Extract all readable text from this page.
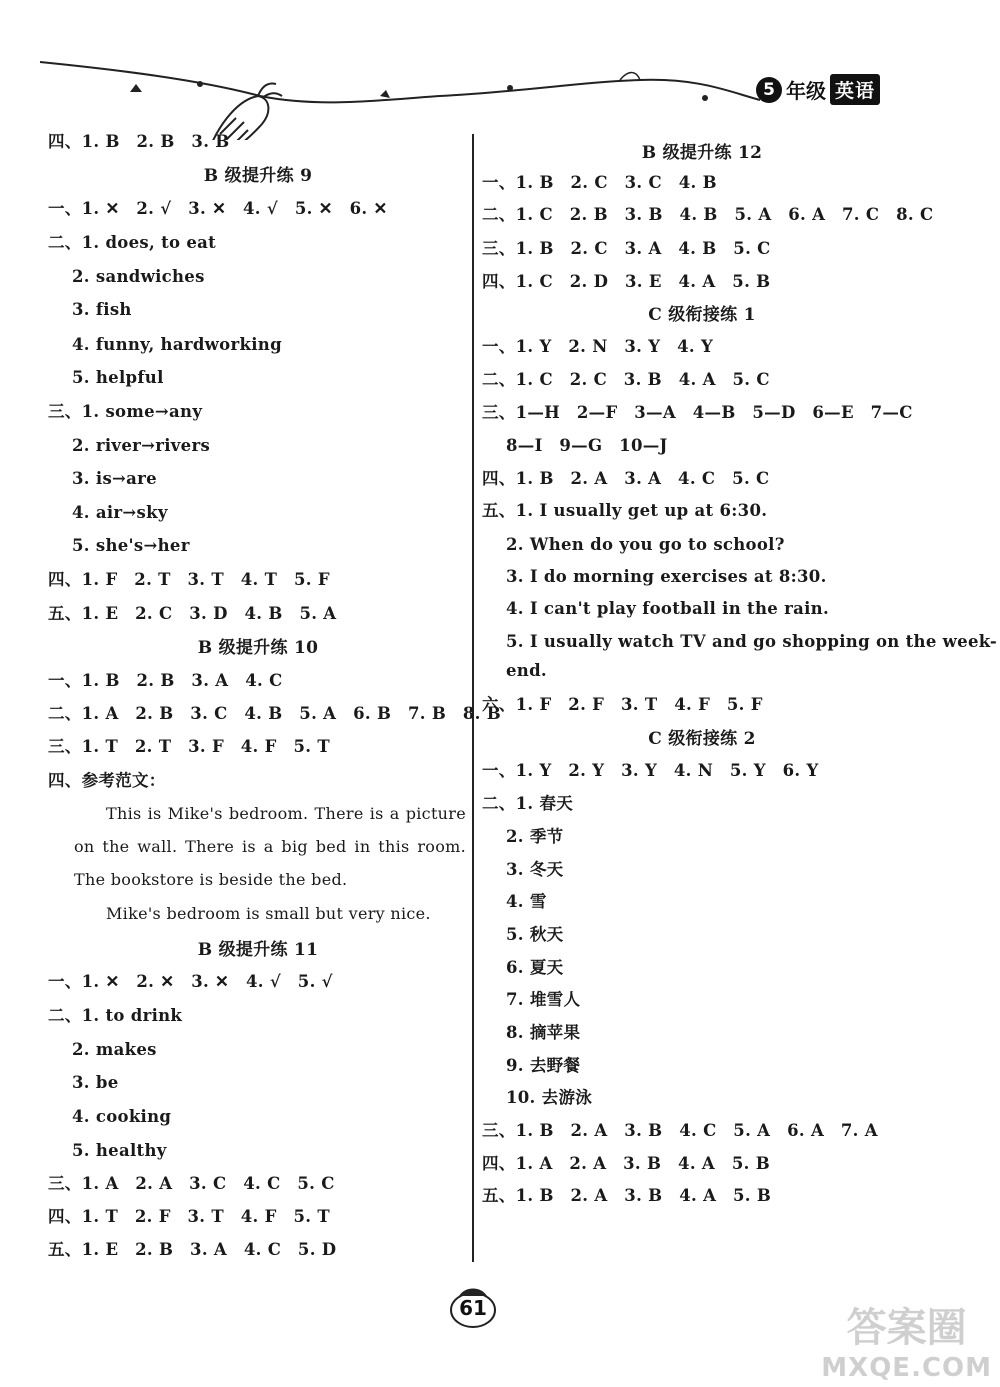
5 年级 英语
四、1. B　2. B　3. B
B 级提升练 9
一、1. ✕　2. √　3. ✕　4. √　5. ✕　6. ✕
二、1. does, to eat
2. sandwiches
3. fish
4. funny, hardworking
5. helpful
三、1. some→any
2. river→rivers
3. is→are
4. air→sky
5. she's→her
四、1. F　2. T　3. T　4. T　5. F
五、1. E　2. C　3. D　4. B　5. A
B 级提升练 10
一、1. B　2. B　3. A　4. C
二、1. A　2. B　3. C　4. B　5. A　6. B　7. B　8. B
三、1. T　2. T　3. F　4. F　5. T
四、参考范文：
This is Mike's bedroom. There is a picture on the wall. There is a big bed in this room. The bookstore is beside the bed.
Mike's bedroom is small but very nice.
B 级提升练 11
一、1. ✕　2. ✕　3. ✕　4. √　5. √
二、1. to drink
2. makes
3. be
4. cooking
5. healthy
三、1. A　2. A　3. C　4. C　5. C
四、1. T　2. F　3. T　4. F　5. T
五、1. E　2. B　3. A　4. C　5. D
B 级提升练 12
一、1. B　2. C　3. C　4. B
二、1. C　2. B　3. B　4. B　5. A　6. A　7. C　8. C
三、1. B　2. C　3. A　4. B　5. C
四、1. C　2. D　3. E　4. A　5. B
C 级衔接练 1
一、1. Y　2. N　3. Y　4. Y
二、1. C　2. C　3. B　4. A　5. C
三、1—H　2—F　3—A　4—B　5—D　6—E　7—C
8—I　9—G　10—J
四、1. B　2. A　3. A　4. C　5. C
五、1. I usually get up at 6:30.
2. When do you go to school?
3. I do morning exercises at 8:30.
4. I can't play football in the rain.
5. I usually watch TV and go shopping on the week-
end.
六、1. F　2. F　3. T　4. F　5. F
C 级衔接练 2
一、1. Y　2. Y　3. Y　4. N　5. Y　6. Y
二、1. 春天
2. 季节
3. 冬天
4. 雪
5. 秋天
6. 夏天
7. 堆雪人
8. 摘苹果
9. 去野餐
10. 去游泳
三、1. B　2. A　3. B　4. C　5. A　6. A　7. A
四、1. A　2. A　3. B　4. A　5. B
五、1. B　2. A　3. B　4. A　5. B
61	答案圈
MXQE.COM
